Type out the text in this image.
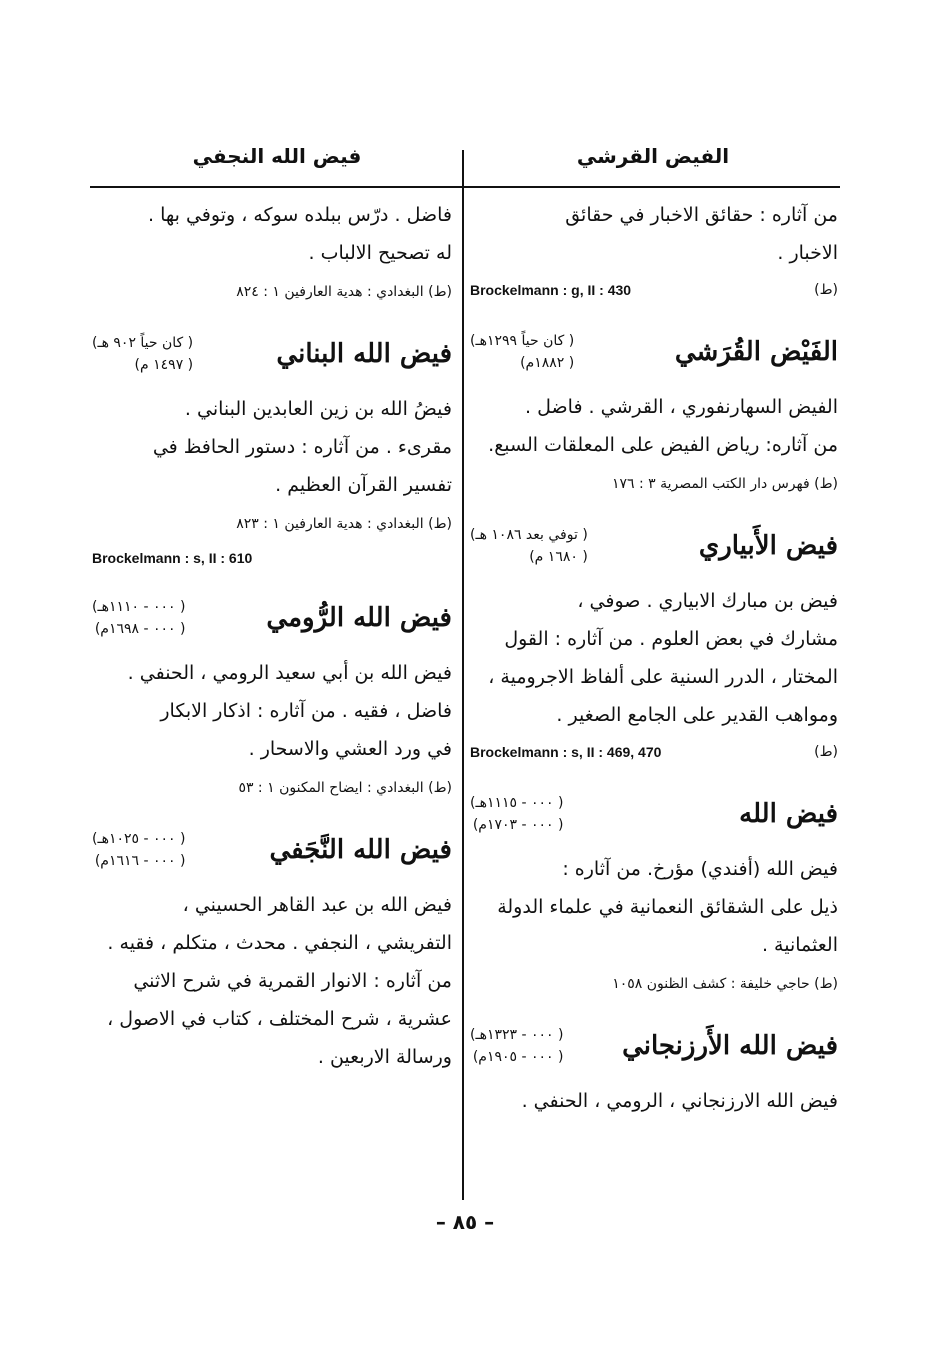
الفيض القرشي
فيض الله النجفي

من آثاره : حقائق الاخبار في حقائق

الاخبار .

Brockelmann : g, II : 430	(ط)
الفَيْض القُرَشي
( كان حياً ١٢٩٩هـ)
( ١٨٨٢م)

الفيض السهارنفوري ، القرشي . فاضل .

من آثاره: رياض الفيض على المعلقات السبع.

(ط) فهرس دار الكتب المصرية ٣ : ١٧٦

فيض الأَبياري
( توفي بعد ١٠٨٦ هـ)
( ١٦٨٠ م)

فيض بن مبارك الابياري . صوفي ،

مشارك في بعض العلوم . من آثاره : القول

المختار ، الدرر السنية على ألفاظ الاجرومية ،

ومواهب القدير على الجامع الصغير .

Brockelmann : s, II : 469, 470	(ط)
فيض الله
( ٠٠٠ - ١١١٥هـ)
( ٠٠٠ - ١٧٠٣م)

فيض الله (أفندي) مؤرخ. من آثاره :

ذيل على الشقائق النعمانية في علماء الدولة

العثمانية .

(ط) حاجي خليفة : كشف الظنون ١٠٥٨

فيض الله الأَرزنجاني
( ٠٠٠ - ١٣٢٣هـ)
( ٠٠٠ - ١٩٠٥م)

فيض الله الارزنجاني ، الرومي ، الحنفي .

فاضل . درّس ببلده سوكه ، وتوفي بها .

له تصحيح الالباب .

(ط) البغدادي : هدية العارفين ١ : ٨٢٤

فيض الله البناني
( كان حياً ٩٠٢ هـ)
( ١٤٩٧ م)

فيضُ الله بن زين العابدين البناني .

مقرىء . من آثاره : دستور الحافظ في

تفسير القرآن العظيم .

(ط) البغدادي : هدية العارفين ١ : ٨٢٣

Brockelmann : s, II : 610

فيض الله الرُّومي
( ٠٠٠ - ١١١٠هـ)
( ٠٠٠ - ١٦٩٨م)

فيض الله بن أبي سعيد الرومي ، الحنفي .

فاضل ، فقيه . من آثاره : اذكار الابكار

في ورد العشي والاسحار .

(ط) البغدادي : ايضاح المكنون ١ : ٥٣

فيض الله النَّجَفي
( ٠٠٠ - ١٠٢٥هـ)
( ٠٠٠ - ١٦١٦م)

فيض الله بن عبد القاهر الحسيني ،

التفريشي ، النجفي . محدث ، متكلم ، فقيه .

من آثاره : الانوار القمرية في شرح الاثني

عشرية ، شرح المختلف ، كتاب في الاصول ،

ورسالة الاربعين .

– ٨٥ –
